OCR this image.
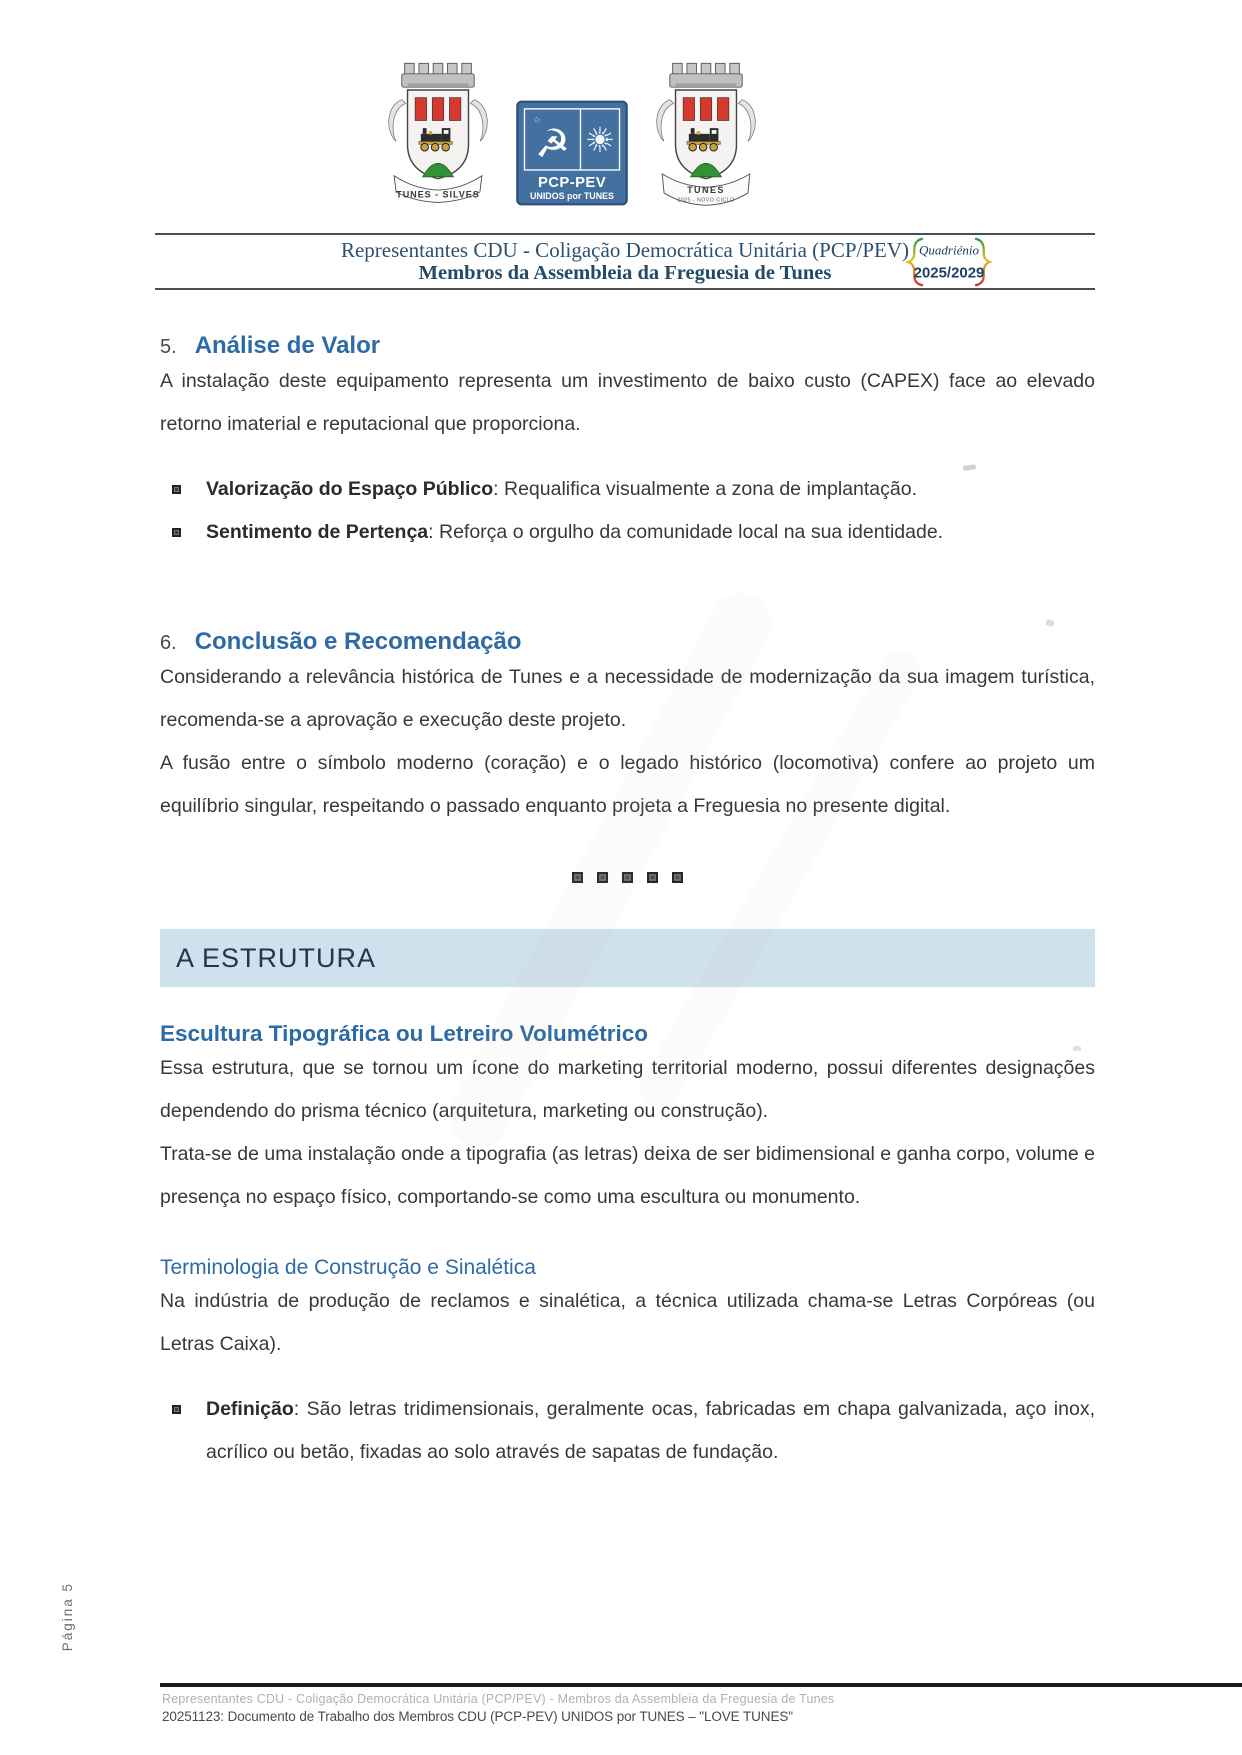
TUNES - SILVES
☆
☭
PCP-PEV
UNIDOS por TUNES
TUNES
2025 - NOVO CICLO
Representantes CDU - Coligação Democrática Unitária (PCP/PEV)
Membros da Assembleia da Freguesia de Tunes
Quadriénio
2025/2029
5. Análise de Valor

A instalação deste equipamento representa um investimento de baixo custo (CAPEX) face ao elevado retorno imaterial e reputacional que proporciona.

Valorização do Espaço Público: Requalifica visualmente a zona de implantação.
Sentimento de Pertença: Reforça o orgulho da comunidade local na sua identidade.
6. Conclusão e Recomendação

Considerando a relevância histórica de Tunes e a necessidade de modernização da sua imagem turística, recomenda-se a aprovação e execução deste projeto.

A fusão entre o símbolo moderno (coração) e o legado histórico (locomotiva) confere ao projeto um equilíbrio singular, respeitando o passado enquanto projeta a Freguesia no presente digital.

A ESTRUTURA
Escultura Tipográfica ou Letreiro Volumétrico

Essa estrutura, que se tornou um ícone do marketing territorial moderno, possui diferentes designações dependendo do prisma técnico (arquitetura, marketing ou construção).

Trata-se de uma instalação onde a tipografia (as letras) deixa de ser bidimensional e ganha corpo, volume e presença no espaço físico, comportando-se como uma escultura ou monumento.

Terminologia de Construção e Sinalética

Na indústria de produção de reclamos e sinalética, a técnica utilizada chama-se Letras Corpóreas (ou Letras Caixa).

Definição: São letras tridimensionais, geralmente ocas, fabricadas em chapa galvanizada, aço inox, acrílico ou betão, fixadas ao solo através de sapatas de fundação.
Representantes CDU - Coligação Democrática Unitária (PCP/PEV) - Membros da Assembleia da Freguesia de Tunes
20251123: Documento de Trabalho dos Membros CDU (PCP-PEV) UNIDOS por TUNES – "LOVE TUNES"
Página 5
